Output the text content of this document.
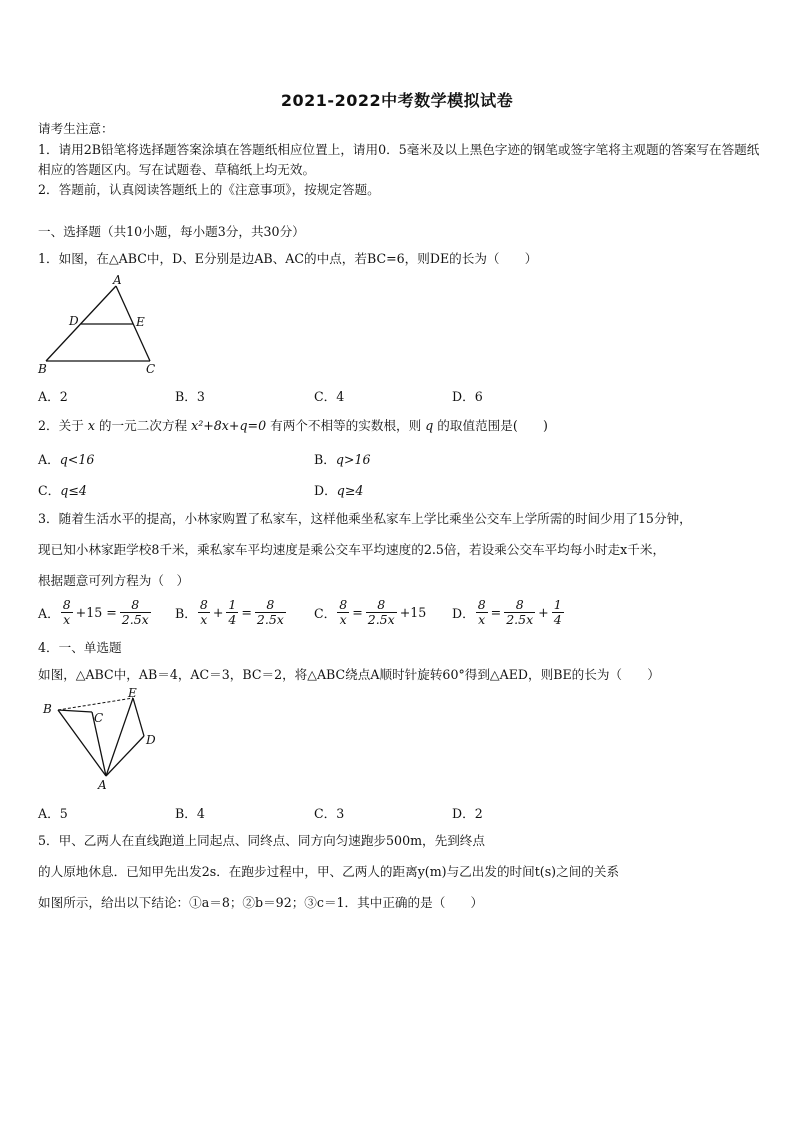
2021-2022中考数学模拟试卷
请考生注意：
1．请用2B铅笔将选择题答案涂填在答题纸相应位置上，请用0．5毫米及以上黑色字迹的钢笔或签字笔将主观题的答案写在答题纸相应的答题区内。写在试题卷、草稿纸上均无效。
2．答题前，认真阅读答题纸上的《注意事项》，按规定答题。
一、选择题（共10小题，每小题3分，共30分）
1．如图，在△ABC中，D、E分别是边AB、AC的中点，若BC=6，则DE的长为（　　）
A
D	E
B	C
A．2	B．3	C．4	D．6
2．关于 x 的一元二次方程 x²+8x+q=0 有两个不相等的实数根，则 q 的取值范围是(　　)
A．q<16	B．q>16
C．q≤4	D．q≥4
3．随着生活水平的提高，小林家购置了私家车，这样他乘坐私家车上学比乘坐公交车上学所需的时间少用了15分钟，
现已知小林家距学校8千米，乘私家车平均速度是乘公交车平均速度的2.5倍，若设乘公交车平均每小时走x千米，
根据题意可列方程为（　）
A． $\frac{8}{x} +15 = \frac{8}{2.5x}$ B． $\frac{8}{x} + \frac{1}{4} = \frac{8}{2.5x}$ C． $\frac{8}{x} = \frac{8}{2.5x} +15$ D． $\frac{8}{x} = \frac{8}{2.5x} + \frac{1}{4}$
4．一、单选题
如图，△ABC中，AB＝4，AC＝3，BC＝2，将△ABC绕点A顺时针旋转60°得到△AED，则BE的长为（　　）
B
C
E
D
A
A．5	B．4	C．3	D．2
5．甲、乙两人在直线跑道上同起点、同终点、同方向匀速跑步500m，先到终点
的人原地休息．已知甲先出发2s．在跑步过程中，甲、乙两人的距离y(m)与乙出发的时间t(s)之间的关系
如图所示，给出以下结论：①a＝8；②b＝92；③c＝1．其中正确的是（　　）
